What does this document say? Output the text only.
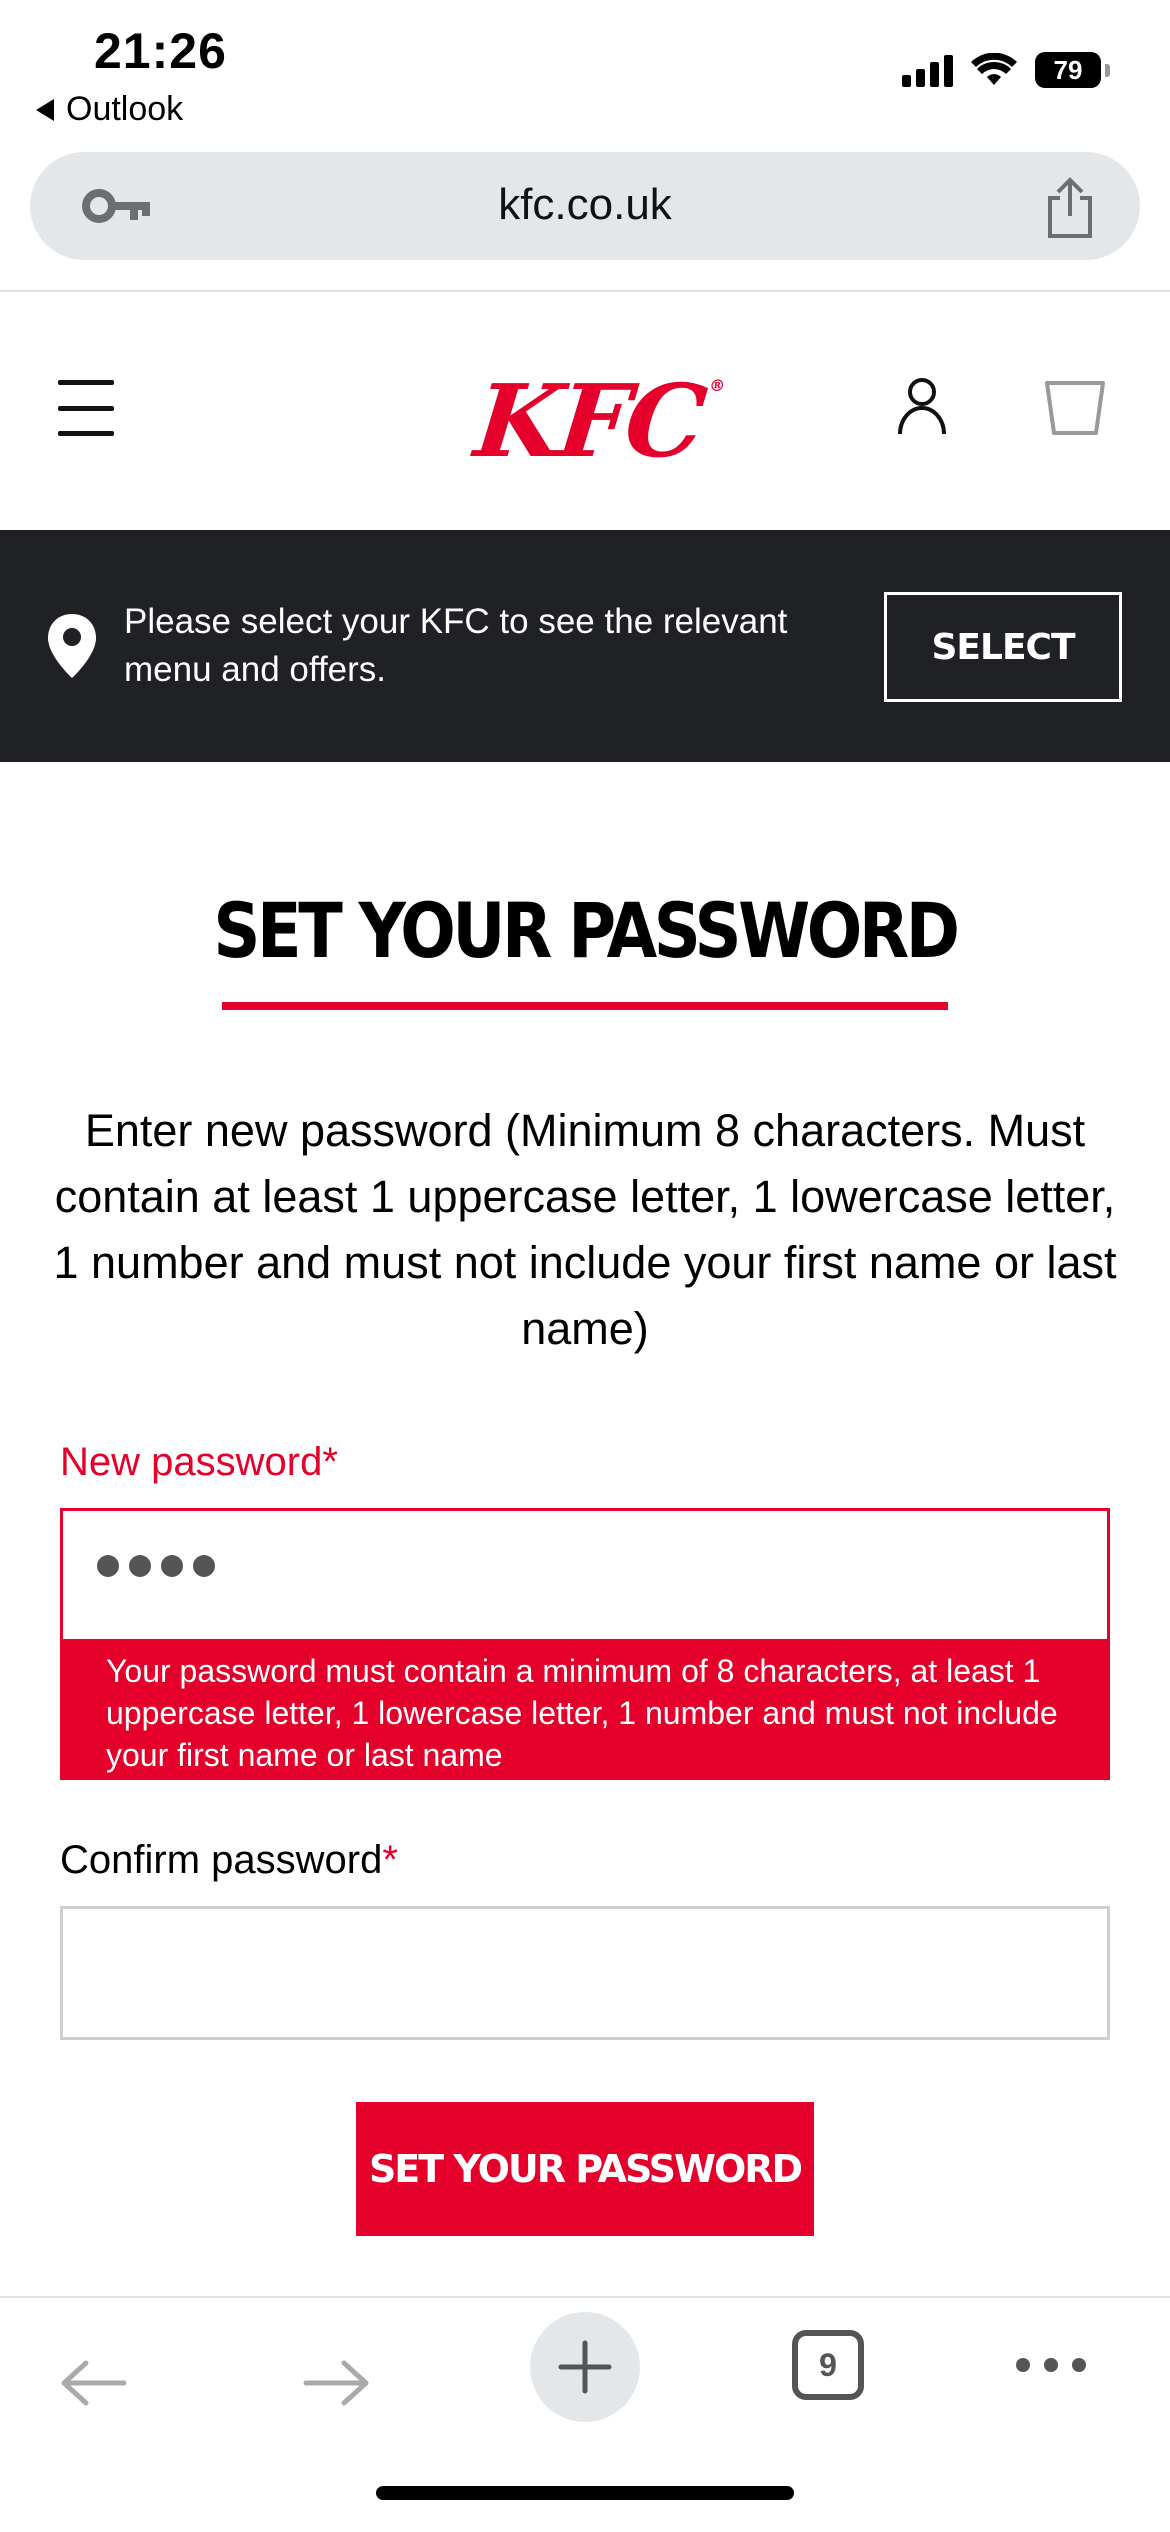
21:26
Outlook
79
kfc.co.uk
KFC®
Please select your KFC to see the relevant menu and offers.
SELECT
SET YOUR PASSWORD

Enter new password (Minimum 8 characters. Must contain at least 1 uppercase letter, 1 lowercase letter, 1 number and must not include your first name or last name)

New password*
Your password must contain a minimum of 8 characters, at least 1 uppercase letter, 1 lowercase letter, 1 number and must not include your first name or last name
Confirm password*
SET YOUR PASSWORD
9
